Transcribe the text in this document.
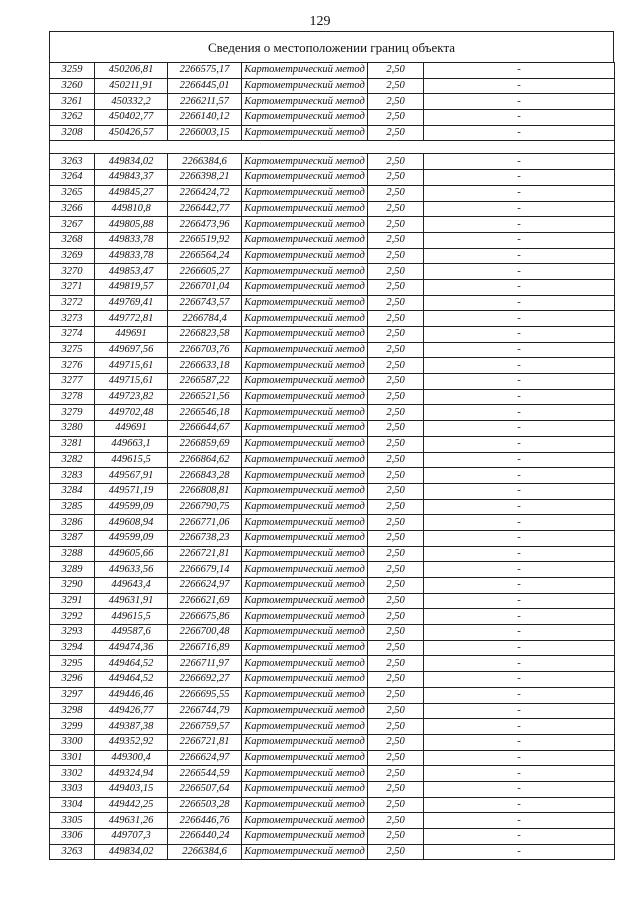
129
Сведения о местоположении границ объекта
3259	450206,81	2266575,17	Картометрический метод	2,50	-
3260	450211,91	2266445,01	Картометрический метод	2,50	-
3261	450332,2	2266211,57	Картометрический метод	2,50	-
3262	450402,77	2266140,12	Картометрический метод	2,50	-
3208	450426,57	2266003,15	Картометрический метод	2,50	-

3263	449834,02	2266384,6	Картометрический метод	2,50	-
3264	449843,37	2266398,21	Картометрический метод	2,50	-
3265	449845,27	2266424,72	Картометрический метод	2,50	-
3266	449810,8	2266442,77	Картометрический метод	2,50	-
3267	449805,88	2266473,96	Картометрический метод	2,50	-
3268	449833,78	2266519,92	Картометрический метод	2,50	-
3269	449833,78	2266564,24	Картометрический метод	2,50	-
3270	449853,47	2266605,27	Картометрический метод	2,50	-
3271	449819,57	2266701,04	Картометрический метод	2,50	-
3272	449769,41	2266743,57	Картометрический метод	2,50	-
3273	449772,81	2266784,4	Картометрический метод	2,50	-
3274	449691	2266823,58	Картометрический метод	2,50	-
3275	449697,56	2266703,76	Картометрический метод	2,50	-
3276	449715,61	2266633,18	Картометрический метод	2,50	-
3277	449715,61	2266587,22	Картометрический метод	2,50	-
3278	449723,82	2266521,56	Картометрический метод	2,50	-
3279	449702,48	2266546,18	Картометрический метод	2,50	-
3280	449691	2266644,67	Картометрический метод	2,50	-
3281	449663,1	2266859,69	Картометрический метод	2,50	-
3282	449615,5	2266864,62	Картометрический метод	2,50	-
3283	449567,91	2266843,28	Картометрический метод	2,50	-
3284	449571,19	2266808,81	Картометрический метод	2,50	-
3285	449599,09	2266790,75	Картометрический метод	2,50	-
3286	449608,94	2266771,06	Картометрический метод	2,50	-
3287	449599,09	2266738,23	Картометрический метод	2,50	-
3288	449605,66	2266721,81	Картометрический метод	2,50	-
3289	449633,56	2266679,14	Картометрический метод	2,50	-
3290	449643,4	2266624,97	Картометрический метод	2,50	-
3291	449631,91	2266621,69	Картометрический метод	2,50	-
3292	449615,5	2266675,86	Картометрический метод	2,50	-
3293	449587,6	2266700,48	Картометрический метод	2,50	-
3294	449474,36	2266716,89	Картометрический метод	2,50	-
3295	449464,52	2266711,97	Картометрический метод	2,50	-
3296	449464,52	2266692,27	Картометрический метод	2,50	-
3297	449446,46	2266695,55	Картометрический метод	2,50	-
3298	449426,77	2266744,79	Картометрический метод	2,50	-
3299	449387,38	2266759,57	Картометрический метод	2,50	-
3300	449352,92	2266721,81	Картометрический метод	2,50	-
3301	449300,4	2266624,97	Картометрический метод	2,50	-
3302	449324,94	2266544,59	Картометрический метод	2,50	-
3303	449403,15	2266507,64	Картометрический метод	2,50	-
3304	449442,25	2266503,28	Картометрический метод	2,50	-
3305	449631,26	2266446,76	Картометрический метод	2,50	-
3306	449707,3	2266440,24	Картометрический метод	2,50	-
3263	449834,02	2266384,6	Картометрический метод	2,50	-
